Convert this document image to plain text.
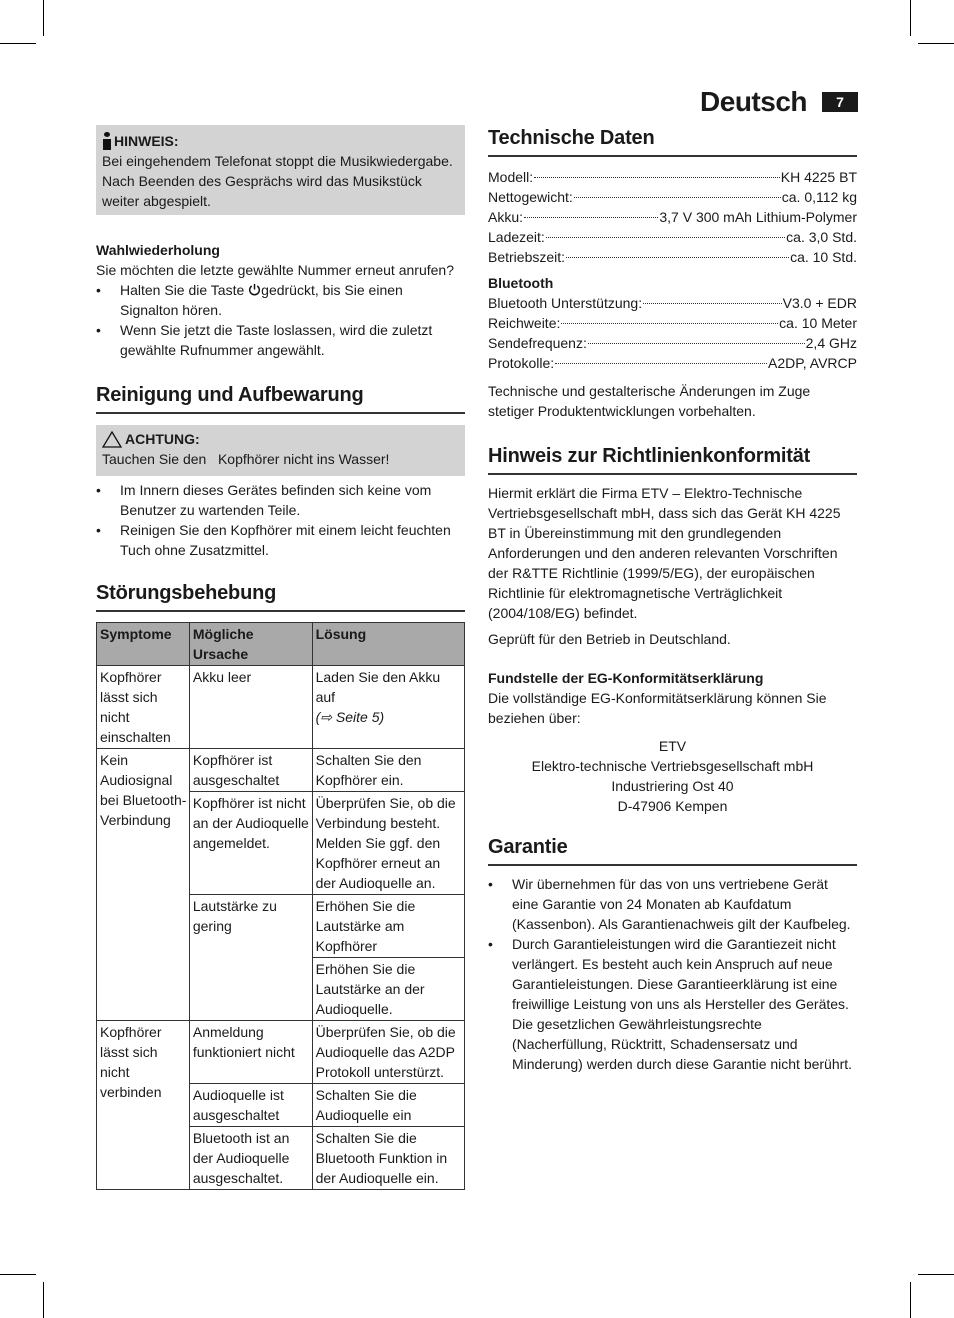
Deutsch	7
HINWEIS:
Bei eingehendem Telefonat stoppt die Musikwiedergabe. Nach Beenden des Gesprächs wird das Musikstück weiter abgespielt.
Wahlwiederholung
Sie möchten die letzte gewählte Nummer erneut anrufen?
• Halten Sie die Taste gedrückt, bis Sie einen Signalton hören.
• Wenn Sie jetzt die Taste loslassen, wird die zuletzt gewählte Rufnummer angewählt.
Reinigung und Aufbewarung
ACHTUNG:
Tauchen Sie den   Kopfhörer nicht ins Wasser!
• Im Innern dieses Gerätes befinden sich keine vom Benutzer zu wartenden Teile.
• Reinigen Sie den Kopfhörer mit einem leicht feuchten Tuch ohne Zusatzmittel.
Störungsbehebung
Symptome	Mögliche Ursache	Lösung
Kopfhörer lässt sich nicht einschalten	Akku leer	Laden Sie den Akku auf
(⇨ Seite 5)
Kein Audiosignal bei Bluetooth-Verbindung	Kopfhörer ist ausgeschaltet	Schalten Sie den Kopfhörer ein.
	Kopfhörer ist nicht an der Audioquelle angemeldet.	Überprüfen Sie, ob die Verbindung besteht. Melden Sie ggf. den Kopfhörer erneut an der Audioquelle an.
	Lautstärke zu gering	Erhöhen Sie die Lautstärke am Kopfhörer
		Erhöhen Sie die Lautstärke an der Audioquelle.
Kopfhörer lässt sich nicht verbinden	Anmeldung funktioniert nicht	Überprüfen Sie, ob die Audioquelle das A2DP Protokoll unterstürzt.
	Audioquelle ist ausgeschaltet	Schalten Sie die Audioquelle ein
	Bluetooth ist an der Audioquelle ausgeschaltet.	Schalten Sie die Bluetooth Funktion in der Audioquelle ein.
Technische Daten
Modell:	KH 4225 BT
Nettogewicht:	ca. 0,112 kg
Akku:	3,7 V 300 mAh Lithium-Polymer
Ladezeit:	ca. 3,0 Std.
Betriebszeit:	ca. 10 Std.
Bluetooth
Bluetooth Unterstützung:	V3.0 + EDR
Reichweite:	ca. 10 Meter
Sendefrequenz:	2,4 GHz
Protokolle:	A2DP, AVRCP
Technische und gestalterische Änderungen im Zuge stetiger Produktentwicklungen vorbehalten.
Hinweis zur Richtlinienkonformität
Hiermit erklärt die Firma ETV – Elektro-Technische Vertriebsgesellschaft mbH, dass sich das Gerät KH 4225 BT in Übereinstimmung mit den grundlegenden Anforderungen und den anderen relevanten Vorschriften der R&TTE Richtlinie (1999/5/EG), der europäischen Richtlinie für elektromagnetische Verträglichkeit (2004/108/EG) befindet.
Geprüft für den Betrieb in Deutschland.
Fundstelle der EG-Konformitätserklärung
Die vollständige EG-Konformitätserklärung können Sie beziehen über:
ETV
Elektro-technische Vertriebsgesellschaft mbH
Industriering Ost 40
D-47906 Kempen
Garantie
• Wir übernehmen für das von uns vertriebene Gerät eine Garantie von 24 Monaten ab Kaufdatum (Kassenbon). Als Garantienachweis gilt der Kaufbeleg.
• Durch Garantieleistungen wird die Garantiezeit nicht verlängert. Es besteht auch kein Anspruch auf neue Garantieleistungen. Diese Garantieerklärung ist eine freiwillige Leistung von uns als Hersteller des Gerätes. Die gesetzlichen Gewährleistungsrechte (Nacherfüllung, Rücktritt, Schadensersatz und Minderung) werden durch diese Garantie nicht berührt.
